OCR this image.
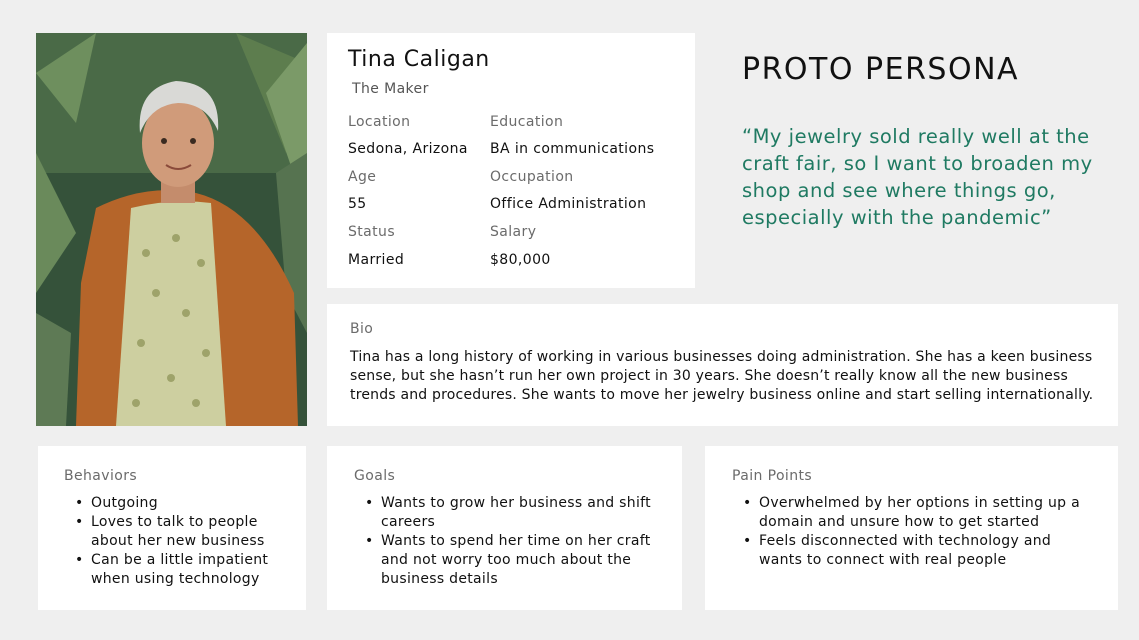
Tina Caligan
The Maker
Location
Sedona, Arizona
Education
BA in communications
Age
55
Occupation
Office Administration
Status
Married
Salary
$80,000
PROTO PERSONA
“My jewelry sold really well at the craft fair, so I want to broaden my shop and see where things go, especially with the pandemic”
Bio
Tina has a long history of working in various businesses doing administration. She has a keen business sense, but she hasn’t run her own project in 30 years. She doesn’t really know all the new business trends and procedures. She wants to move her jewelry business online and start selling internationally.
Behaviors
• Outgoing
• Loves to talk to people about her new business
• Can be a little impatient when using technology
Goals
• Wants to grow her business and shift careers
• Wants to spend her time on her craft and not worry too much about the business details
Pain Points
• Overwhelmed by her options in setting up a domain and unsure how to get started
• Feels disconnected with technology and wants to connect with real people
